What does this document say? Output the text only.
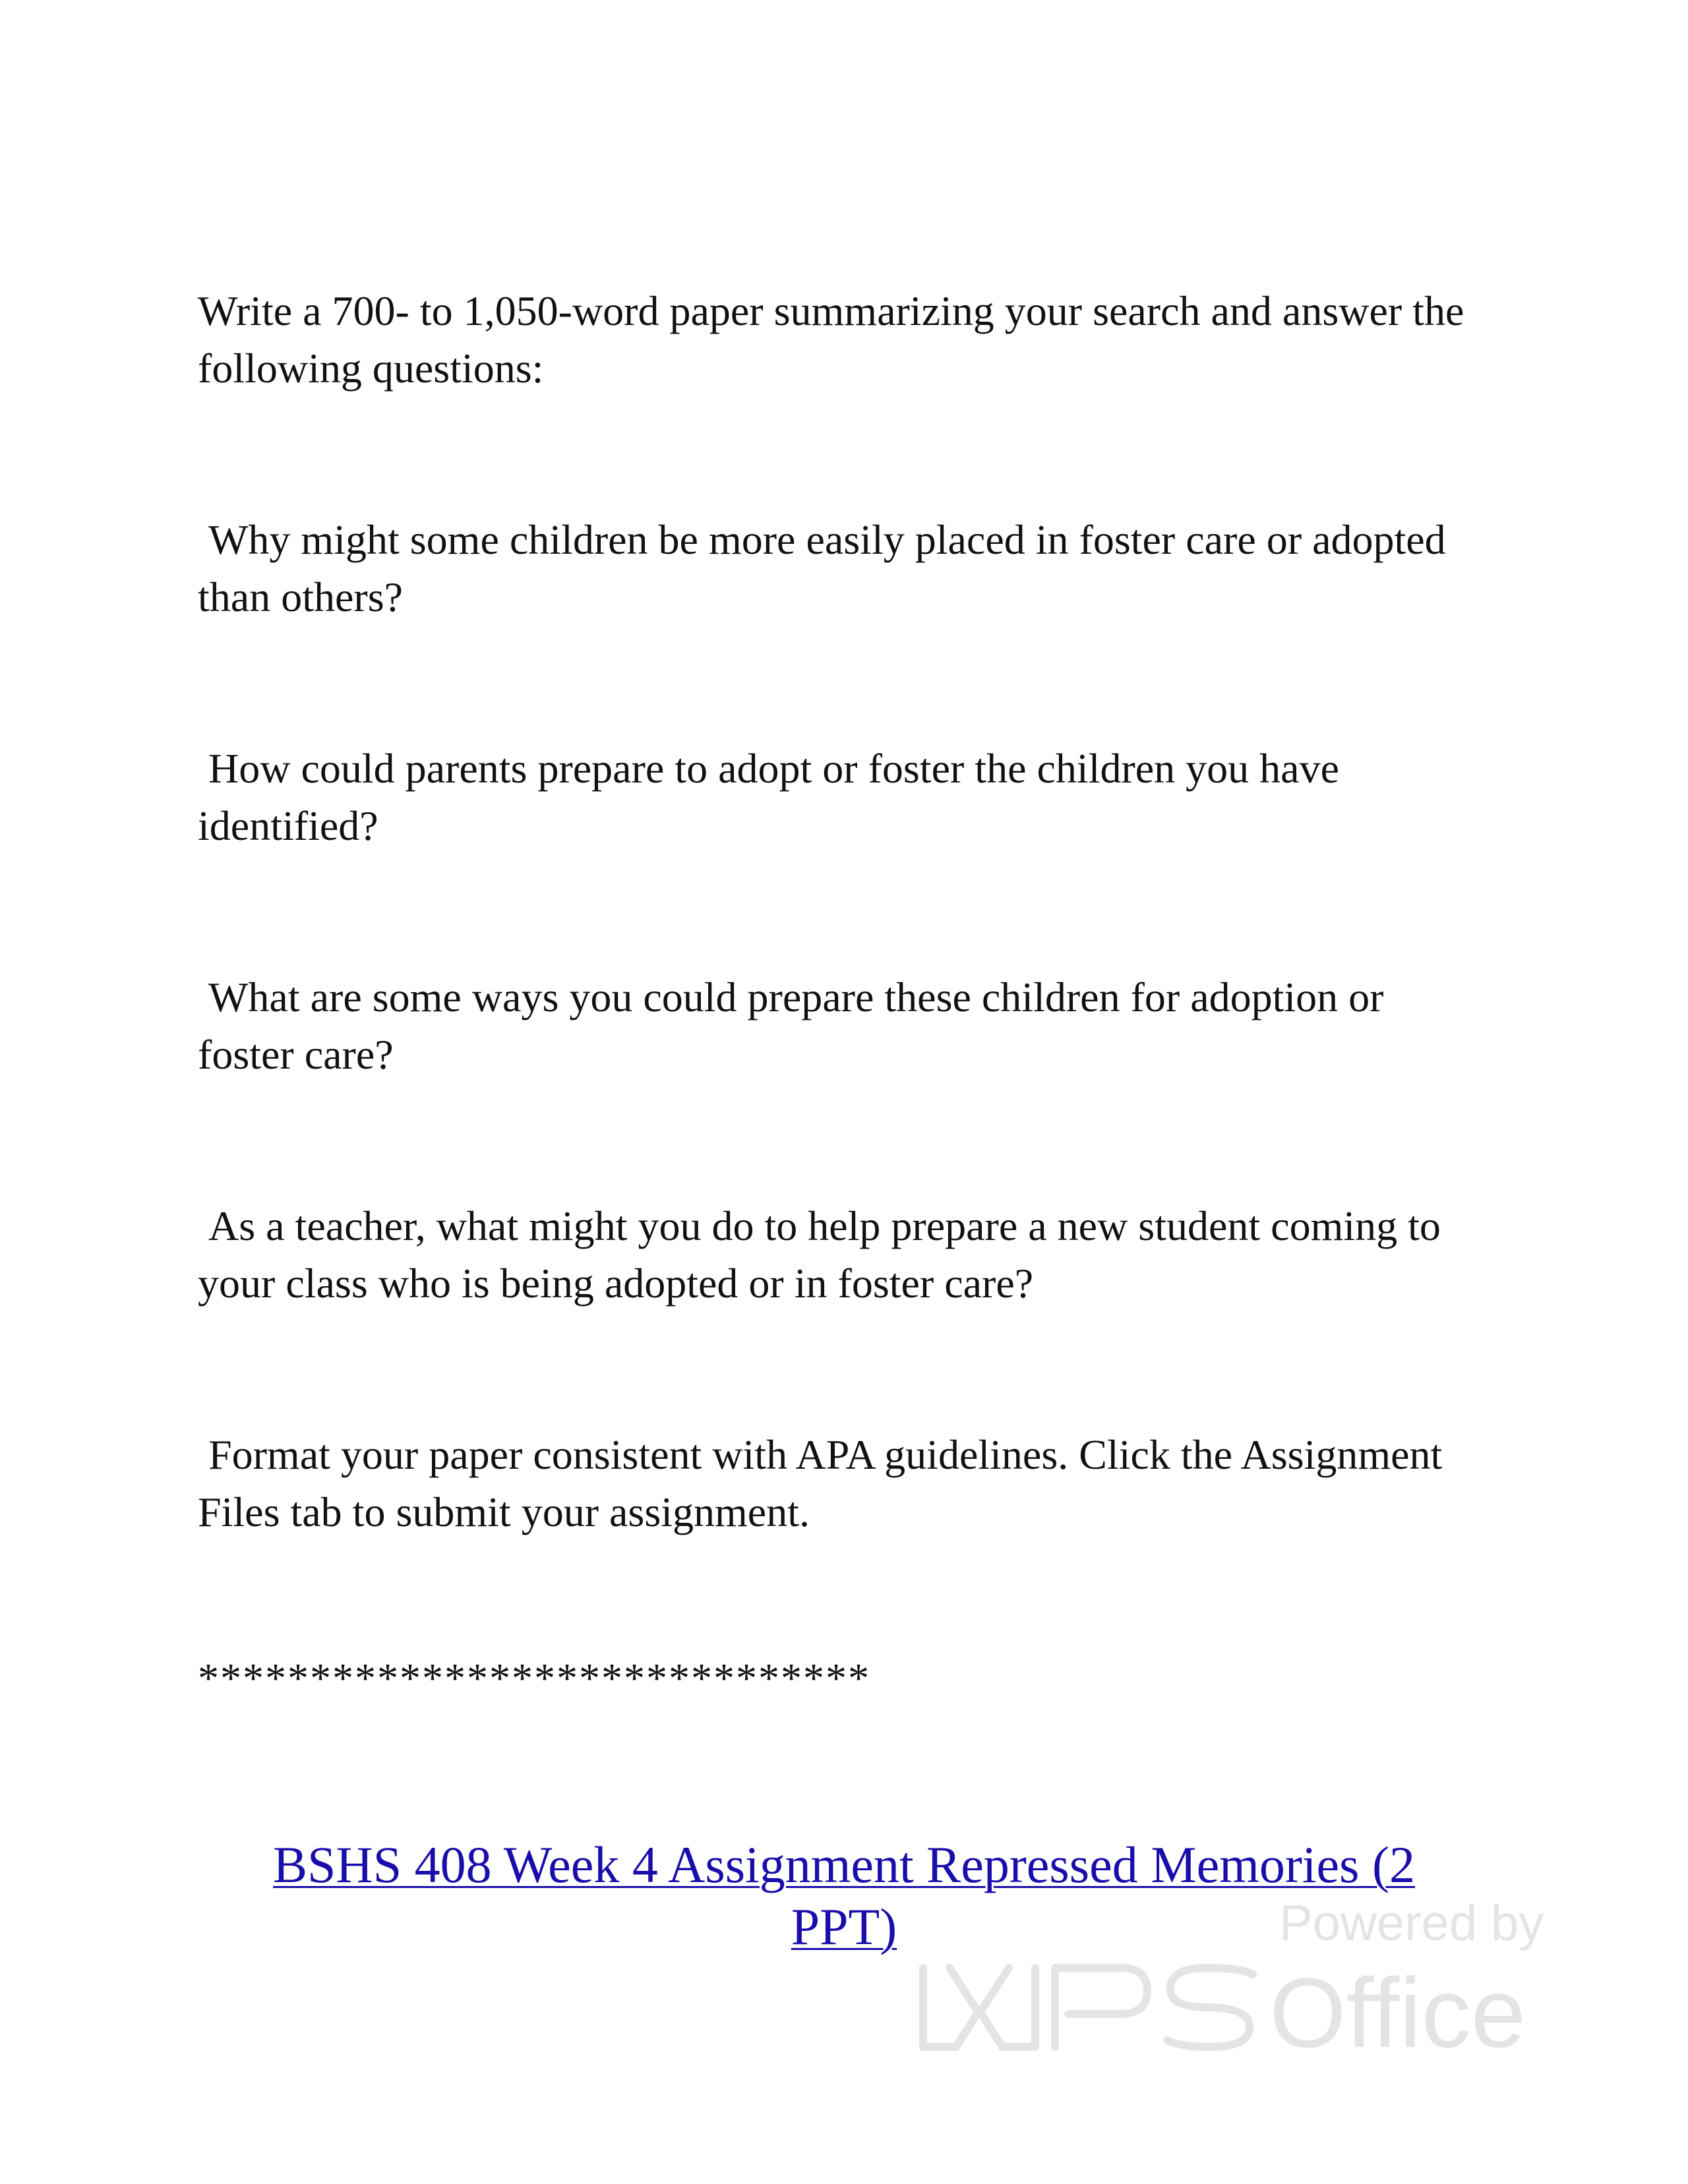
Write a 700- to 1,050-word paper summarizing your search and answer the following questions:

Why might some children be more easily placed in foster care or adopted than others?

How could parents prepare to adopt or foster the children you have identified?

What are some ways you could prepare these children for adoption or foster care?

As a teacher, what might you do to help prepare a new student coming to your class who is being adopted or in foster care?

Format your paper consistent with APA guidelines. Click the Assignment Files tab to submit your assignment.

******************************

BSHS 408 Week 4 Assignment Repressed Memories (2 PPT)	Powered by
Office
